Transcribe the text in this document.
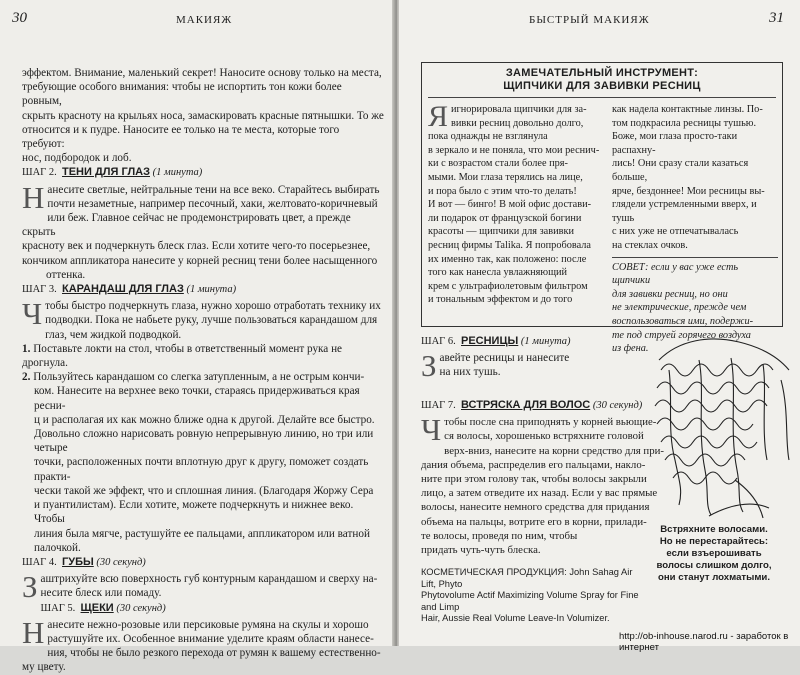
30	МАКИЯЖ

эффектом. Внимание, маленький секрет! Наносите основу только на места,

требующие особого внимания: чтобы не испортить тон кожи более ровным,

скрыть краснoту на крыльях носа, замаскировать красные пятнышки. То же

относится и к пудре. Наносите ее только на те места, которые того требуют:

нос, подбородок и лоб.

ШАГ 2. ТЕНИ ДЛЯ ГЛАЗ (1 минута)

Н анесите светлые, нейтральные тени на все веко. Старайтесь выбирать

почти незаметные, например песочный, хаки, желтовато-коричневый

или беж. Главное сейчас не продемонстрировать цвет, а прежде скрыть

красноту век и подчеркнуть блеск глаз. Если хотите чего-то посерьезнее,

кончиком аппликатора нанесите у корней ресниц тени более насыщенного

оттенка.

ШАГ 3. КАРАНДАШ ДЛЯ ГЛАЗ (1 минута)

Ч тобы быстро подчеркнуть глаза, нужно хорошо отработать технику их

подводки. Пока не набьете руку, лучше пользоваться карандашом для

глаз, чем жидкой подводкой.

1. Поставьте локти на стол, чтобы в ответственный момент рука не дрогнула.

2. Пользуйтесь карандашом со слегка затупленным, а не острым кончи-

ком. Нанесите на верхнее веко точки, стараясь придерживаться края ресни-

ц и располагая их как можно ближе одна к другой. Делайте все быстро.

Довольно сложно нарисовать ровную непрерывную линию, но три или четыре

точки, расположенных почти вплотную друг к другу, поможет создать практи-

чески такой же эффект, что и сплошная линия. (Благодаря Жоржу Сера

и пуантилистам). Если хотите, можете подчеркнуть и нижнее веко. Чтобы

линия была мягче, растушуйте ее пальцами, аппликатором или ватной

палочкой.

ШАГ 4. ГУБЫ (30 секунд)

З аштрихуйте всю поверхность губ контурным карандашом и сверху на-

несите блеск или помаду.

ШАГ 5. ЩЕКИ (30 секунд)

Н анесите нежно-розовые или персиковые румяна на скулы и хорошо

растушуйте их. Особенное внимание уделите краям области нанесе-

ния, чтобы не было резкого перехода от румян к вашему естественно-

му цвету.

БЫСТРЫЙ МАКИЯЖ	31
ЗАМЕЧАТЕЛЬНЫЙ ИНСТРУМЕНТ:
ЩИПЧИКИ ДЛЯ ЗАВИВКИ РЕСНИЦ
Я игнорировала щипчики для за-
вивки ресниц довольно долго,
пока однажды не взглянула
в зеркало и не поняла, что мои реснич-
ки с возрастом стали более пря-
мыми. Мои глаза терялись на лице,
и пора было с этим что-то делать!
И вот — бинго! В мой офис достави-
ли подарок от французской богини
красоты — щипчики для завивки
ресниц фирмы Talika. Я попробовала
их именно так, как положено: после
того как нанесла увлажняющий
крем с ультрафиолетовым фильтром
и тональным эффектом и до того
как надела контактные линзы. По-
том подкрасила ресницы тушью.
Боже, мои глаза просто-таки распахну-
лись! Они сразу стали казаться больше,
ярче, бездоннее! Мои ресницы вы-
глядели устремленными вверх, и тушь
с них уже не отпечатывалась
на стеклах очков.
СОВЕТ: если у вас уже есть щипчики
для завивки ресниц, но они
не электрические, прежде чем
воспользоваться ими, подержи-
те под струей горячего воздуха
из фена.

ШАГ 6. РЕСНИЦЫ (1 минута)

З авейте ресницы и нанесите

на них тушь.

ШАГ 7. ВСТРЯСКА ДЛЯ ВОЛОС (30 секунд)

Ч тобы после сна приподнять у корней вьющие-

ся волосы, хорошенько встряхните головой

верх-вниз, нанесите на корни средство для при-

дания объема, распределив его пальцами, накло-

ните при этом голову так, чтобы волосы закрыли

лицо, а затем отведите их назад. Если у вас прямые

волосы, нанесите немного средства для придания

объема на пальцы, вотрите его в корни, прилади-

те волосы, проведя по ним, чтобы

придать чуть-чуть блеска.

Встряхните волосами.
Но не перестарайтесь:
если взъерошивать
волосы слишком долго,
они станут лохматыми.
КОСМЕТИЧЕСКАЯ ПРОДУКЦИЯ: John Sahag Air Lift, Phyto
Phytovolume Actif Maximizing Volume Spray for Fine and Limp
Hair, Aussie Real Volume Leave-In Volumizer.
http://ob-inhouse.narod.ru - заработок в интернет
